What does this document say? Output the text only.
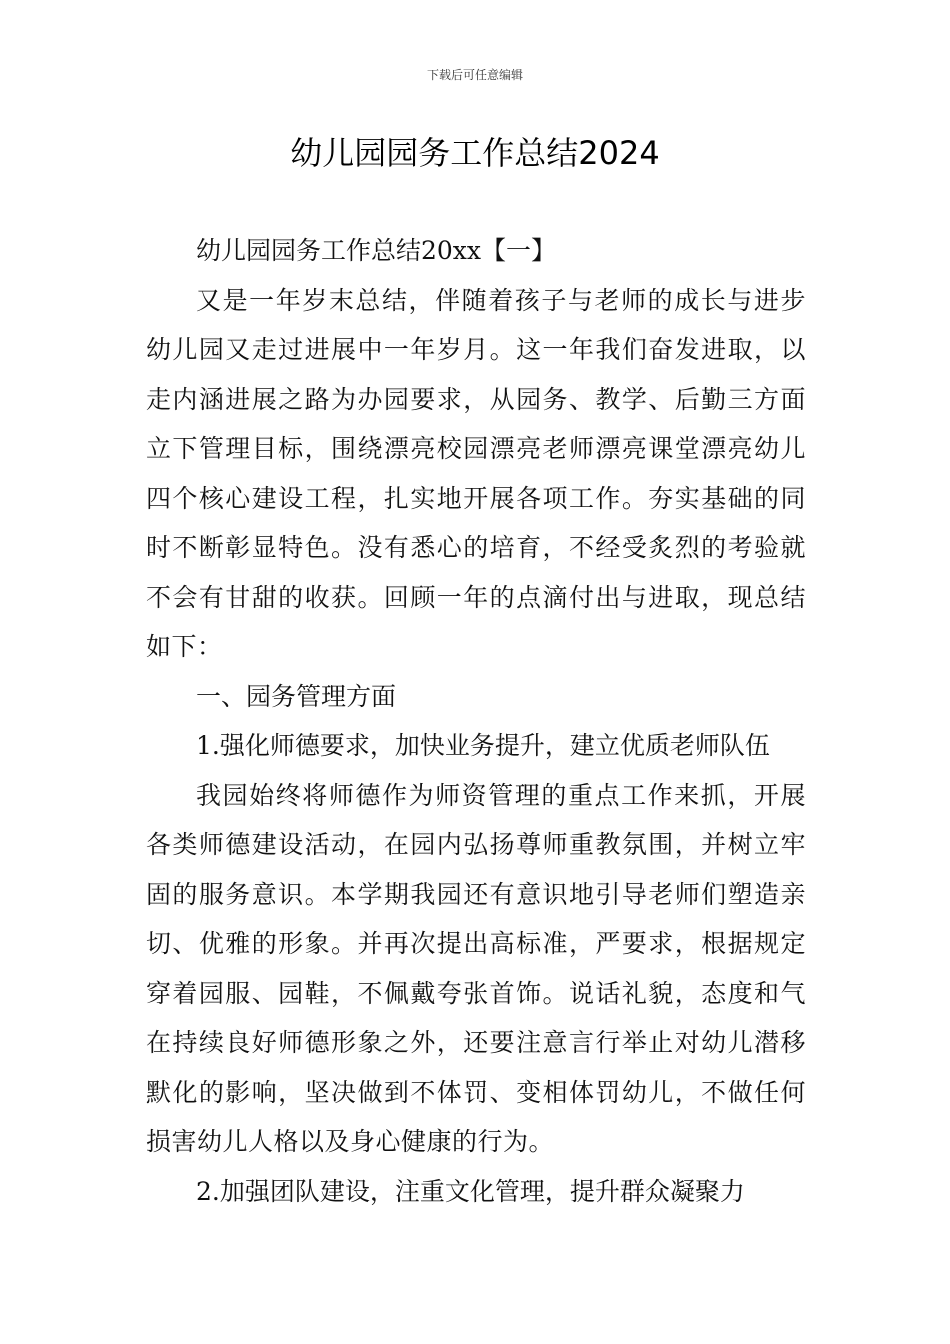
下载后可任意编辑
幼儿园园务工作总结2024

幼儿园园务工作总结20xx【一】

又是一年岁末总结，伴随着孩子与老师的成长与进步幼儿园又走过进展中一年岁月。这一年我们奋发进取，以走内涵进展之路为办园要求，从园务、教学、后勤三方面立下管理目标，围绕漂亮校园漂亮老师漂亮课堂漂亮幼儿四个核心建设工程，扎实地开展各项工作。夯实基础的同时不断彰显特色。没有悉心的培育，不经受炙烈的考验就不会有甘甜的收获。回顾一年的点滴付出与进取，现总结如下：

一、园务管理方面

1.强化师德要求，加快业务提升，建立优质老师队伍

我园始终将师德作为师资管理的重点工作来抓，开展各类师德建设活动，在园内弘扬尊师重教氛围，并树立牢固的服务意识。本学期我园还有意识地引导老师们塑造亲切、优雅的形象。并再次提出高标准，严要求，根据规定穿着园服、园鞋，不佩戴夸张首饰。说话礼貌，态度和气在持续良好师德形象之外，还要注意言行举止对幼儿潜移默化的影响，坚决做到不体罚、变相体罚幼儿，不做任何损害幼儿人格以及身心健康的行为。

2.加强团队建设，注重文化管理，提升群众凝聚力
